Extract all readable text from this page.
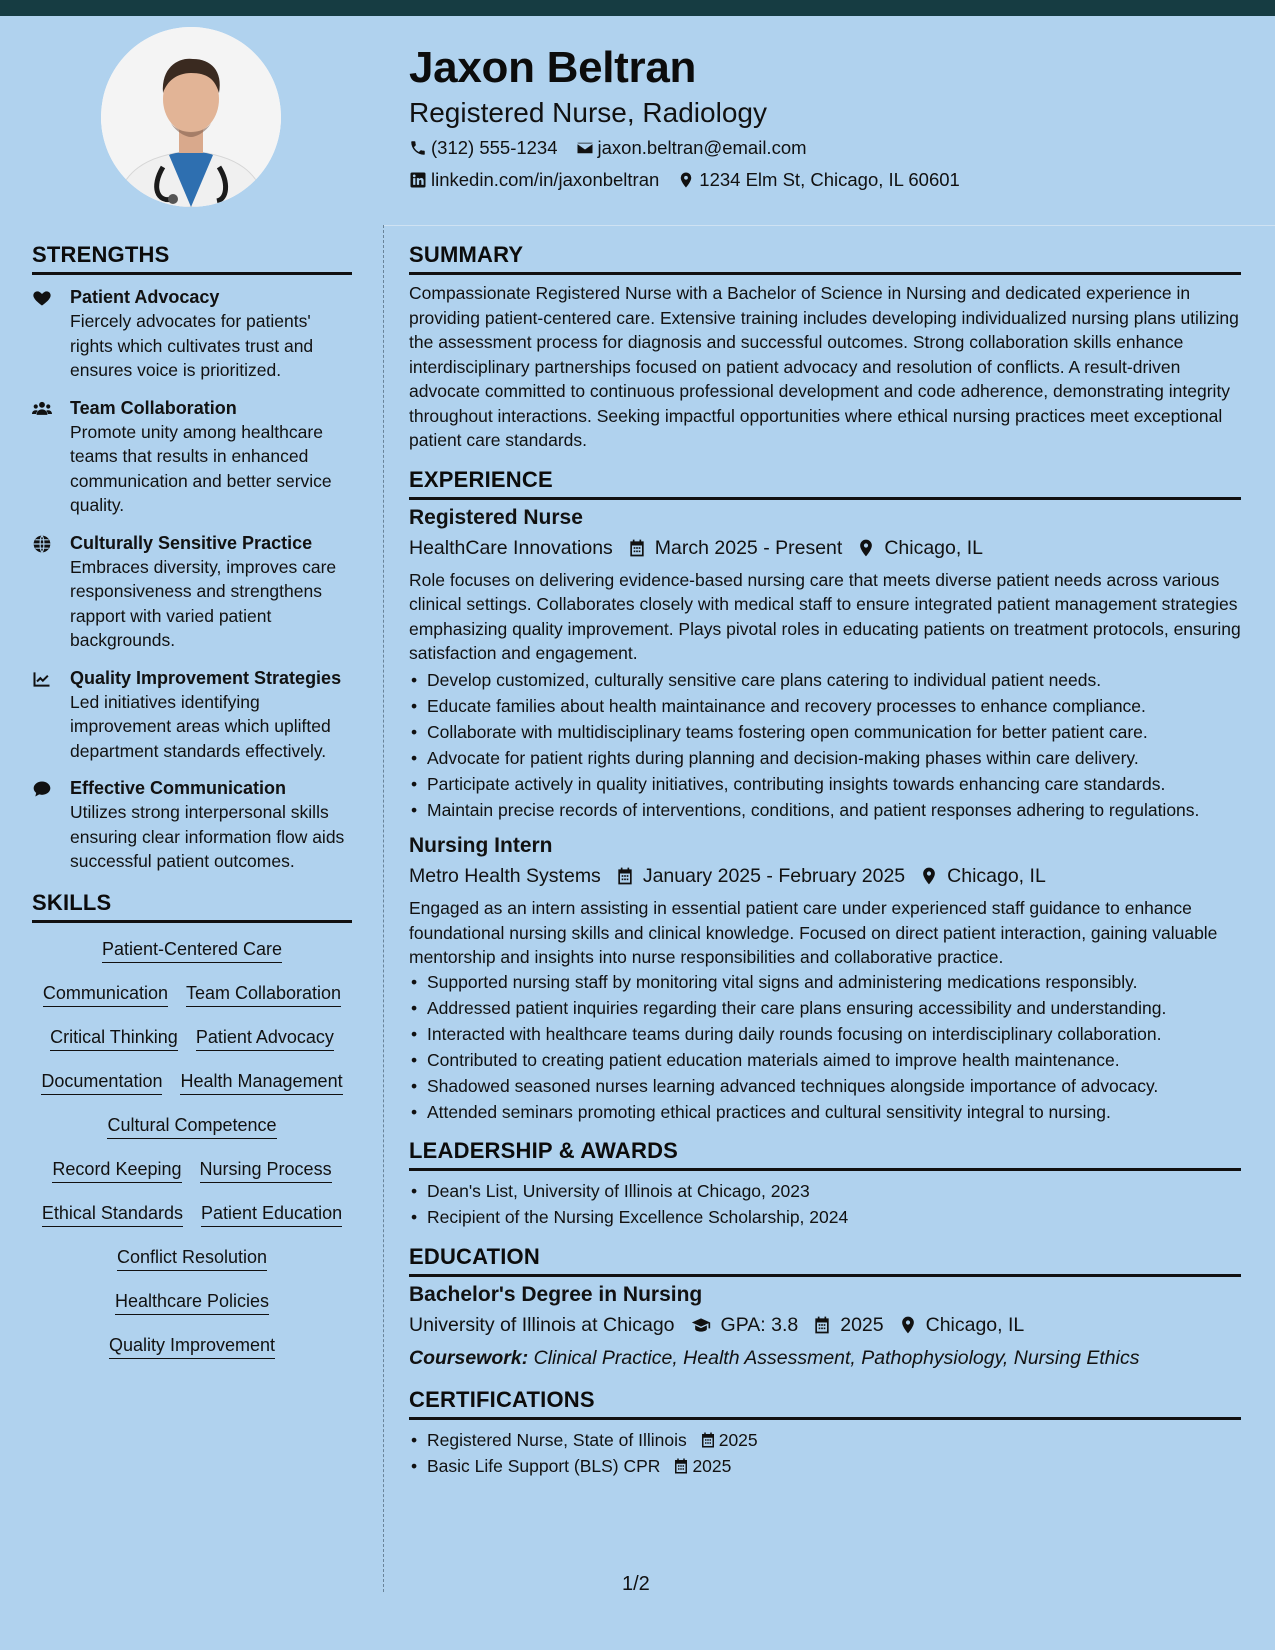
Jaxon Beltran
Registered Nurse, Radiology
(312) 555-1234 jaxon.beltran@email.com
linkedin.com/in/jaxonbeltran 1234 Elm St, Chicago, IL 60601
STRENGTHS
Patient Advocacy
Fiercely advocates for patients' rights which cultivates trust and ensures voice is prioritized.
Team Collaboration
Promote unity among healthcare teams that results in enhanced communication and better service quality.
Culturally Sensitive Practice
Embraces diversity, improves care responsiveness and strengthens rapport with varied patient backgrounds.
Quality Improvement Strategies
Led initiatives identifying improvement areas which uplifted department standards effectively.
Effective Communication
Utilizes strong interpersonal skills ensuring clear information flow aids successful patient outcomes.
SKILLS
Patient-Centered Care
Communication Team Collaboration
Critical Thinking Patient Advocacy
Documentation Health Management
Cultural Competence
Record Keeping Nursing Process
Ethical Standards Patient Education
Conflict Resolution
Healthcare Policies
Quality Improvement
SUMMARY

Compassionate Registered Nurse with a Bachelor of Science in Nursing and dedicated experience in providing patient-centered care. Extensive training includes developing individualized nursing plans utilizing the assessment process for diagnosis and successful outcomes. Strong collaboration skills enhance interdisciplinary partnerships focused on patient advocacy and resolution of conflicts. A result-driven advocate committed to continuous professional development and code adherence, demonstrating integrity throughout interactions. Seeking impactful opportunities where ethical nursing practices meet exceptional patient care standards.

EXPERIENCE
Registered Nurse
HealthCare Innovations March 2025 - Present Chicago, IL

Role focuses on delivering evidence-based nursing care that meets diverse patient needs across various clinical settings. Collaborates closely with medical staff to ensure integrated patient management strategies emphasizing quality improvement. Plays pivotal roles in educating patients on treatment protocols, ensuring satisfaction and engagement.

• Develop customized, culturally sensitive care plans catering to individual patient needs.
• Educate families about health maintainance and recovery processes to enhance compliance.
• Collaborate with multidisciplinary teams fostering open communication for better patient care.
• Advocate for patient rights during planning and decision-making phases within care delivery.
• Participate actively in quality initiatives, contributing insights towards enhancing care standards.
• Maintain precise records of interventions, conditions, and patient responses adhering to regulations.
Nursing Intern
Metro Health Systems January 2025 - February 2025 Chicago, IL

Engaged as an intern assisting in essential patient care under experienced staff guidance to enhance foundational nursing skills and clinical knowledge. Focused on direct patient interaction, gaining valuable mentorship and insights into nurse responsibilities and collaborative practice.

• Supported nursing staff by monitoring vital signs and administering medications responsibly.
• Addressed patient inquiries regarding their care plans ensuring accessibility and understanding.
• Interacted with healthcare teams during daily rounds focusing on interdisciplinary collaboration.
• Contributed to creating patient education materials aimed to improve health maintenance.
• Shadowed seasoned nurses learning advanced techniques alongside importance of advocacy.
• Attended seminars promoting ethical practices and cultural sensitivity integral to nursing.
LEADERSHIP & AWARDS
• Dean's List, University of Illinois at Chicago, 2023
• Recipient of the Nursing Excellence Scholarship, 2024
EDUCATION
Bachelor's Degree in Nursing
University of Illinois at Chicago GPA: 3.8 2025 Chicago, IL
Coursework: Clinical Practice, Health Assessment, Pathophysiology, Nursing Ethics
CERTIFICATIONS
• Registered Nurse, State of Illinois 2025
• Basic Life Support (BLS) CPR 2025
1/2
